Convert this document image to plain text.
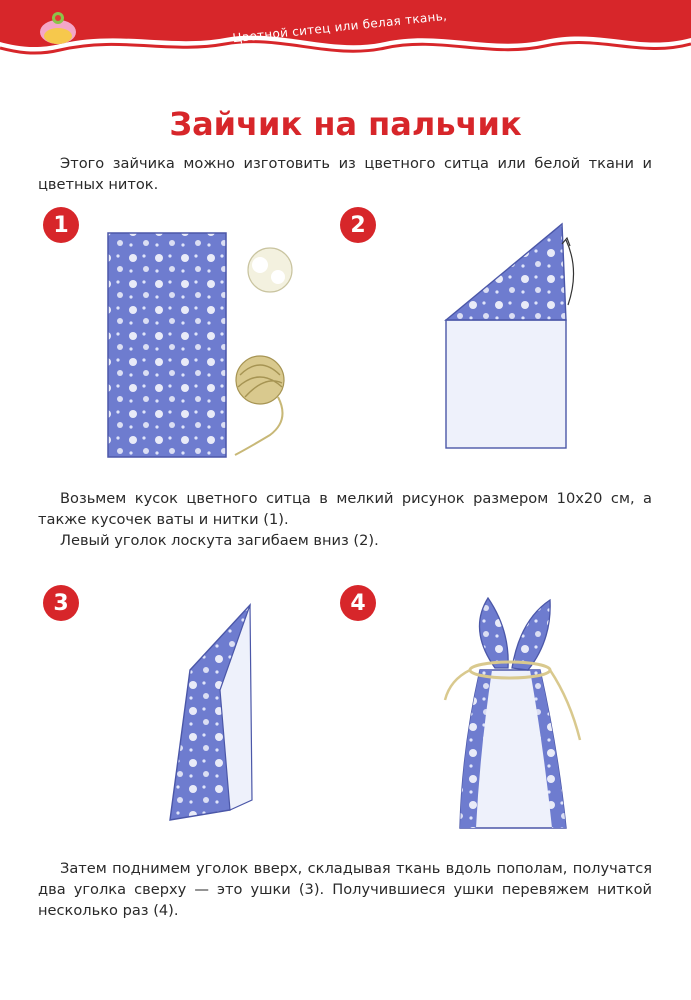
Цветной ситец или белая ткань,
вата или синтепон, нитки
Зайчик на пальчик
Этого зайчика можно изготовить из цветного ситца или белой ткани и цветных ниток.
1	2
3	4
Возьмем кусок цветного ситца в мелкий рисунок размером 10х20 см, а также кусочек ваты и нитки (1).
Левый уголок лоскута загибаем вниз (2).
Затем поднимем уголок вверх, складывая ткань вдоль пополам, получатся два уголка сверху — это ушки (3). Получившиеся ушки перевяжем ниткой несколько раз (4).
